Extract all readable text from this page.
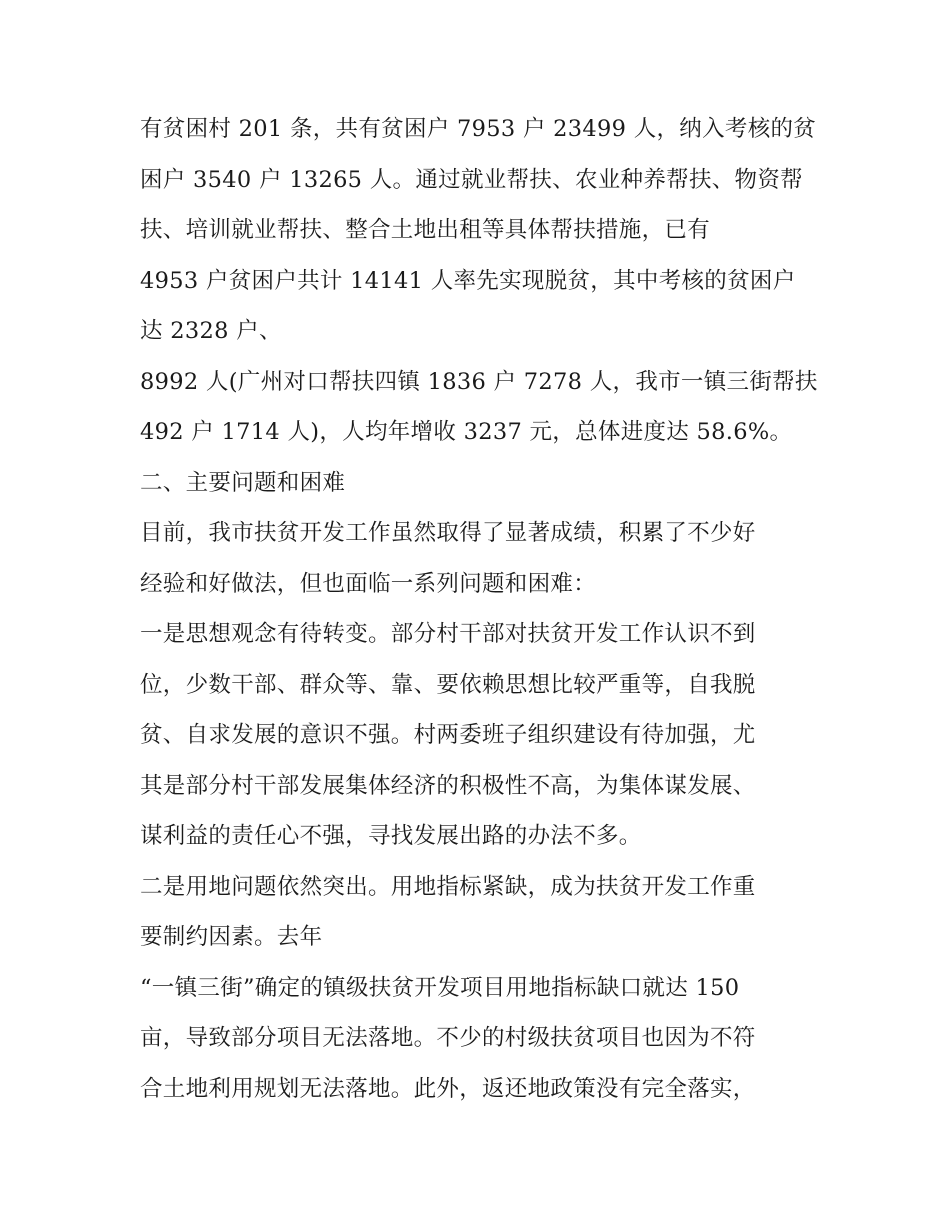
有贫困村 201 条，共有贫困户 7953 户 23499 人，纳入考核的贫
困户 3540 户 13265 人。通过就业帮扶、农业种养帮扶、物资帮
扶、培训就业帮扶、整合土地出租等具体帮扶措施，已有
4953 户贫困户共计 14141 人率先实现脱贫，其中考核的贫困户
达 2328 户、
8992 人(广州对口帮扶四镇 1836 户 7278 人，我市一镇三街帮扶
492 户 1714 人)，人均年增收 3237 元，总体进度达 58.6%。
二、主要问题和困难
目前，我市扶贫开发工作虽然取得了显著成绩，积累了不少好
经验和好做法，但也面临一系列问题和困难：
一是思想观念有待转变。部分村干部对扶贫开发工作认识不到
位，少数干部、群众等、靠、要依赖思想比较严重等，自我脱
贫、自求发展的意识不强。村两委班子组织建设有待加强，尤
其是部分村干部发展集体经济的积极性不高，为集体谋发展、
谋利益的责任心不强，寻找发展出路的办法不多。
二是用地问题依然突出。用地指标紧缺，成为扶贫开发工作重
要制约因素。去年
“一镇三街”确定的镇级扶贫开发项目用地指标缺口就达 150
亩，导致部分项目无法落地。不少的村级扶贫项目也因为不符
合土地利用规划无法落地。此外，返还地政策没有完全落实，
